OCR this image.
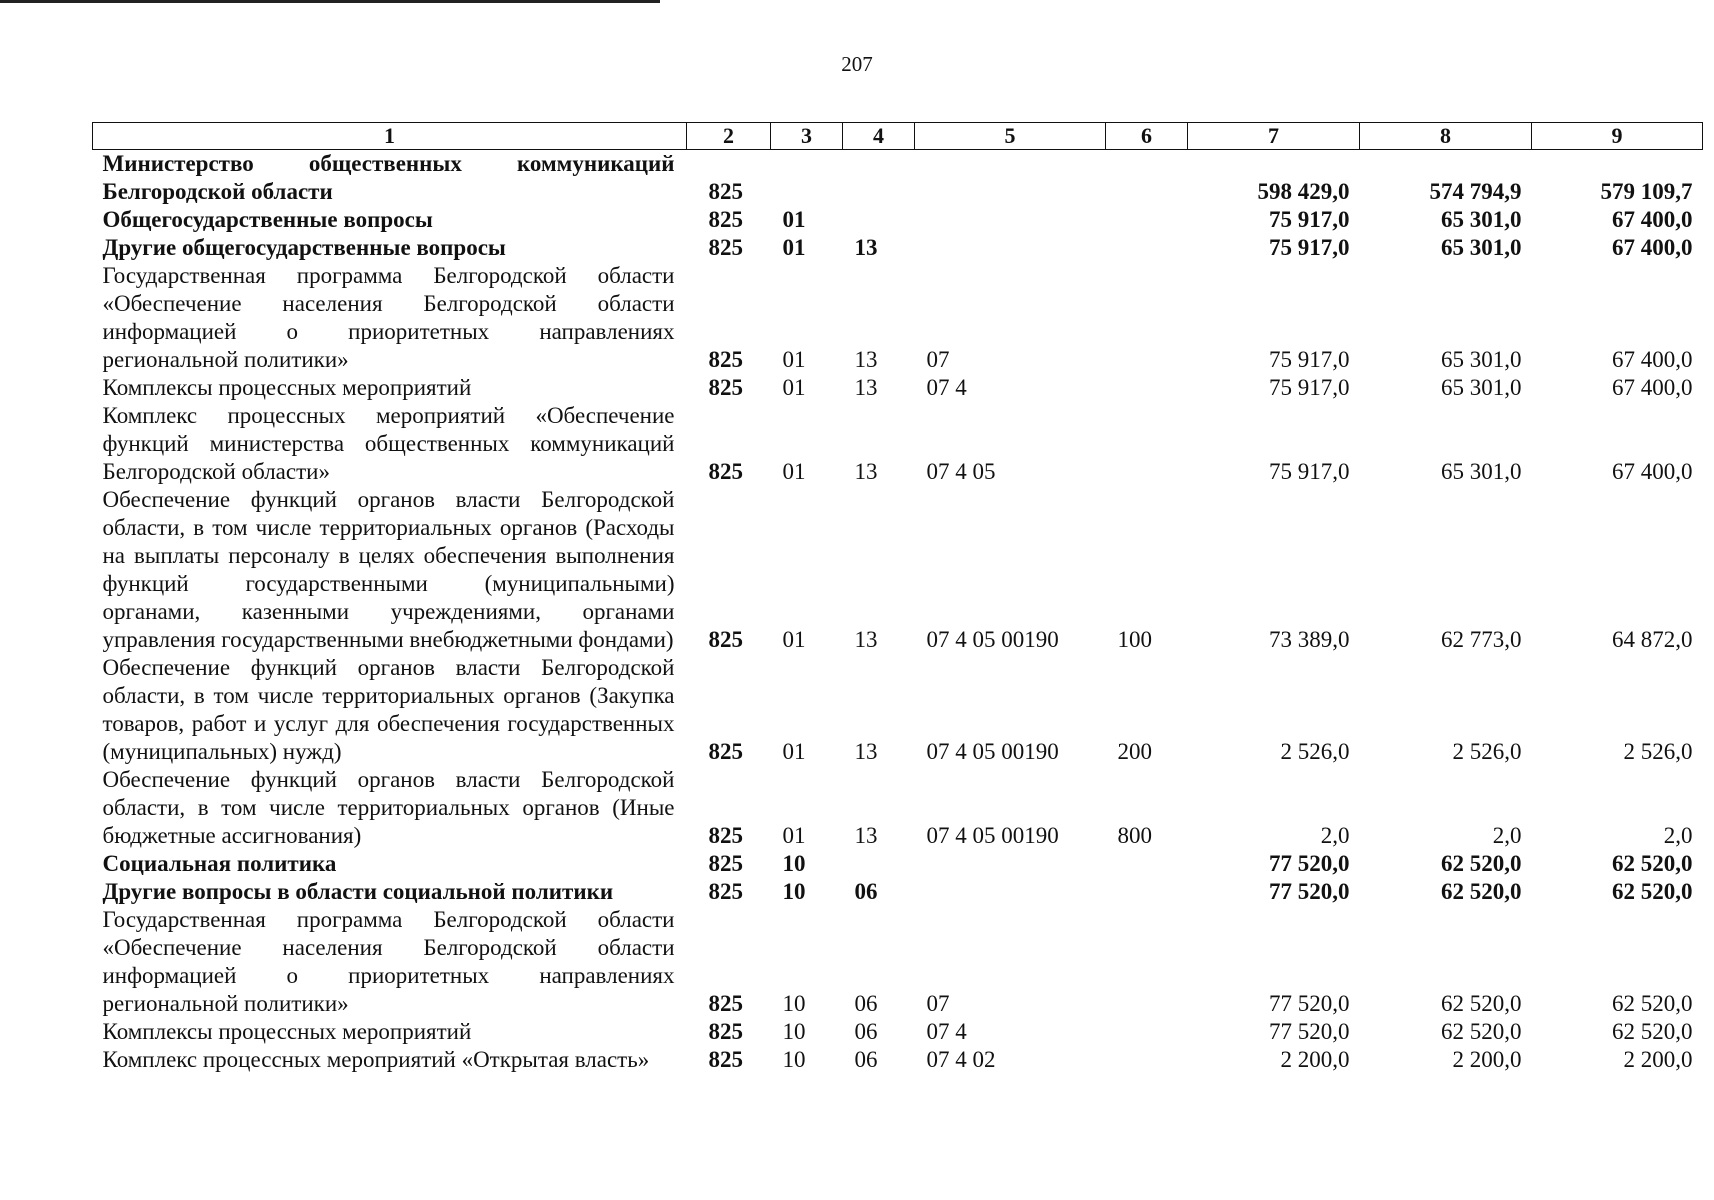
207
1	2	3	4	5	6	7	8	9
Министерство общественных коммуникаций Белгородской области	825					598 429,0	574 794,9	579 109,7
Общегосударственные вопросы	825	01				75 917,0	65 301,0	67 400,0
Другие общегосударственные вопросы	825	01	13			75 917,0	65 301,0	67 400,0
Государственная программа Белгородской области «Обеспечение населения Белгородской области информацией о приоритетных направлениях региональной политики»	825	01	13	07		75 917,0	65 301,0	67 400,0
Комплексы процессных мероприятий	825	01	13	07 4		75 917,0	65 301,0	67 400,0
Комплекс процессных мероприятий «Обеспечение функций министерства общественных коммуникаций Белгородской области»	825	01	13	07 4 05		75 917,0	65 301,0	67 400,0
Обеспечение функций органов власти Белгородской области, в том числе территориальных органов (Расходы на выплаты персоналу в целях обеспечения выполнения функций государственными (муниципальными) органами, казенными учреждениями, органами управления государственными внебюджетными фондами)	825	01	13	07 4 05 00190	100	73 389,0	62 773,0	64 872,0
Обеспечение функций органов власти Белгородской области, в том числе территориальных органов (Закупка товаров, работ и услуг для обеспечения государственных (муниципальных) нужд)	825	01	13	07 4 05 00190	200	2 526,0	2 526,0	2 526,0
Обеспечение функций органов власти Белгородской области, в том числе территориальных органов (Иные бюджетные ассигнования)	825	01	13	07 4 05 00190	800	2,0	2,0	2,0
Социальная политика	825	10				77 520,0	62 520,0	62 520,0
Другие вопросы в области социальной политики	825	10	06			77 520,0	62 520,0	62 520,0
Государственная программа Белгородской области «Обеспечение населения Белгородской области информацией о приоритетных направлениях региональной политики»	825	10	06	07		77 520,0	62 520,0	62 520,0
Комплексы процессных мероприятий	825	10	06	07 4		77 520,0	62 520,0	62 520,0
Комплекс процессных мероприятий «Открытая власть»	825	10	06	07 4 02		2 200,0	2 200,0	2 200,0
